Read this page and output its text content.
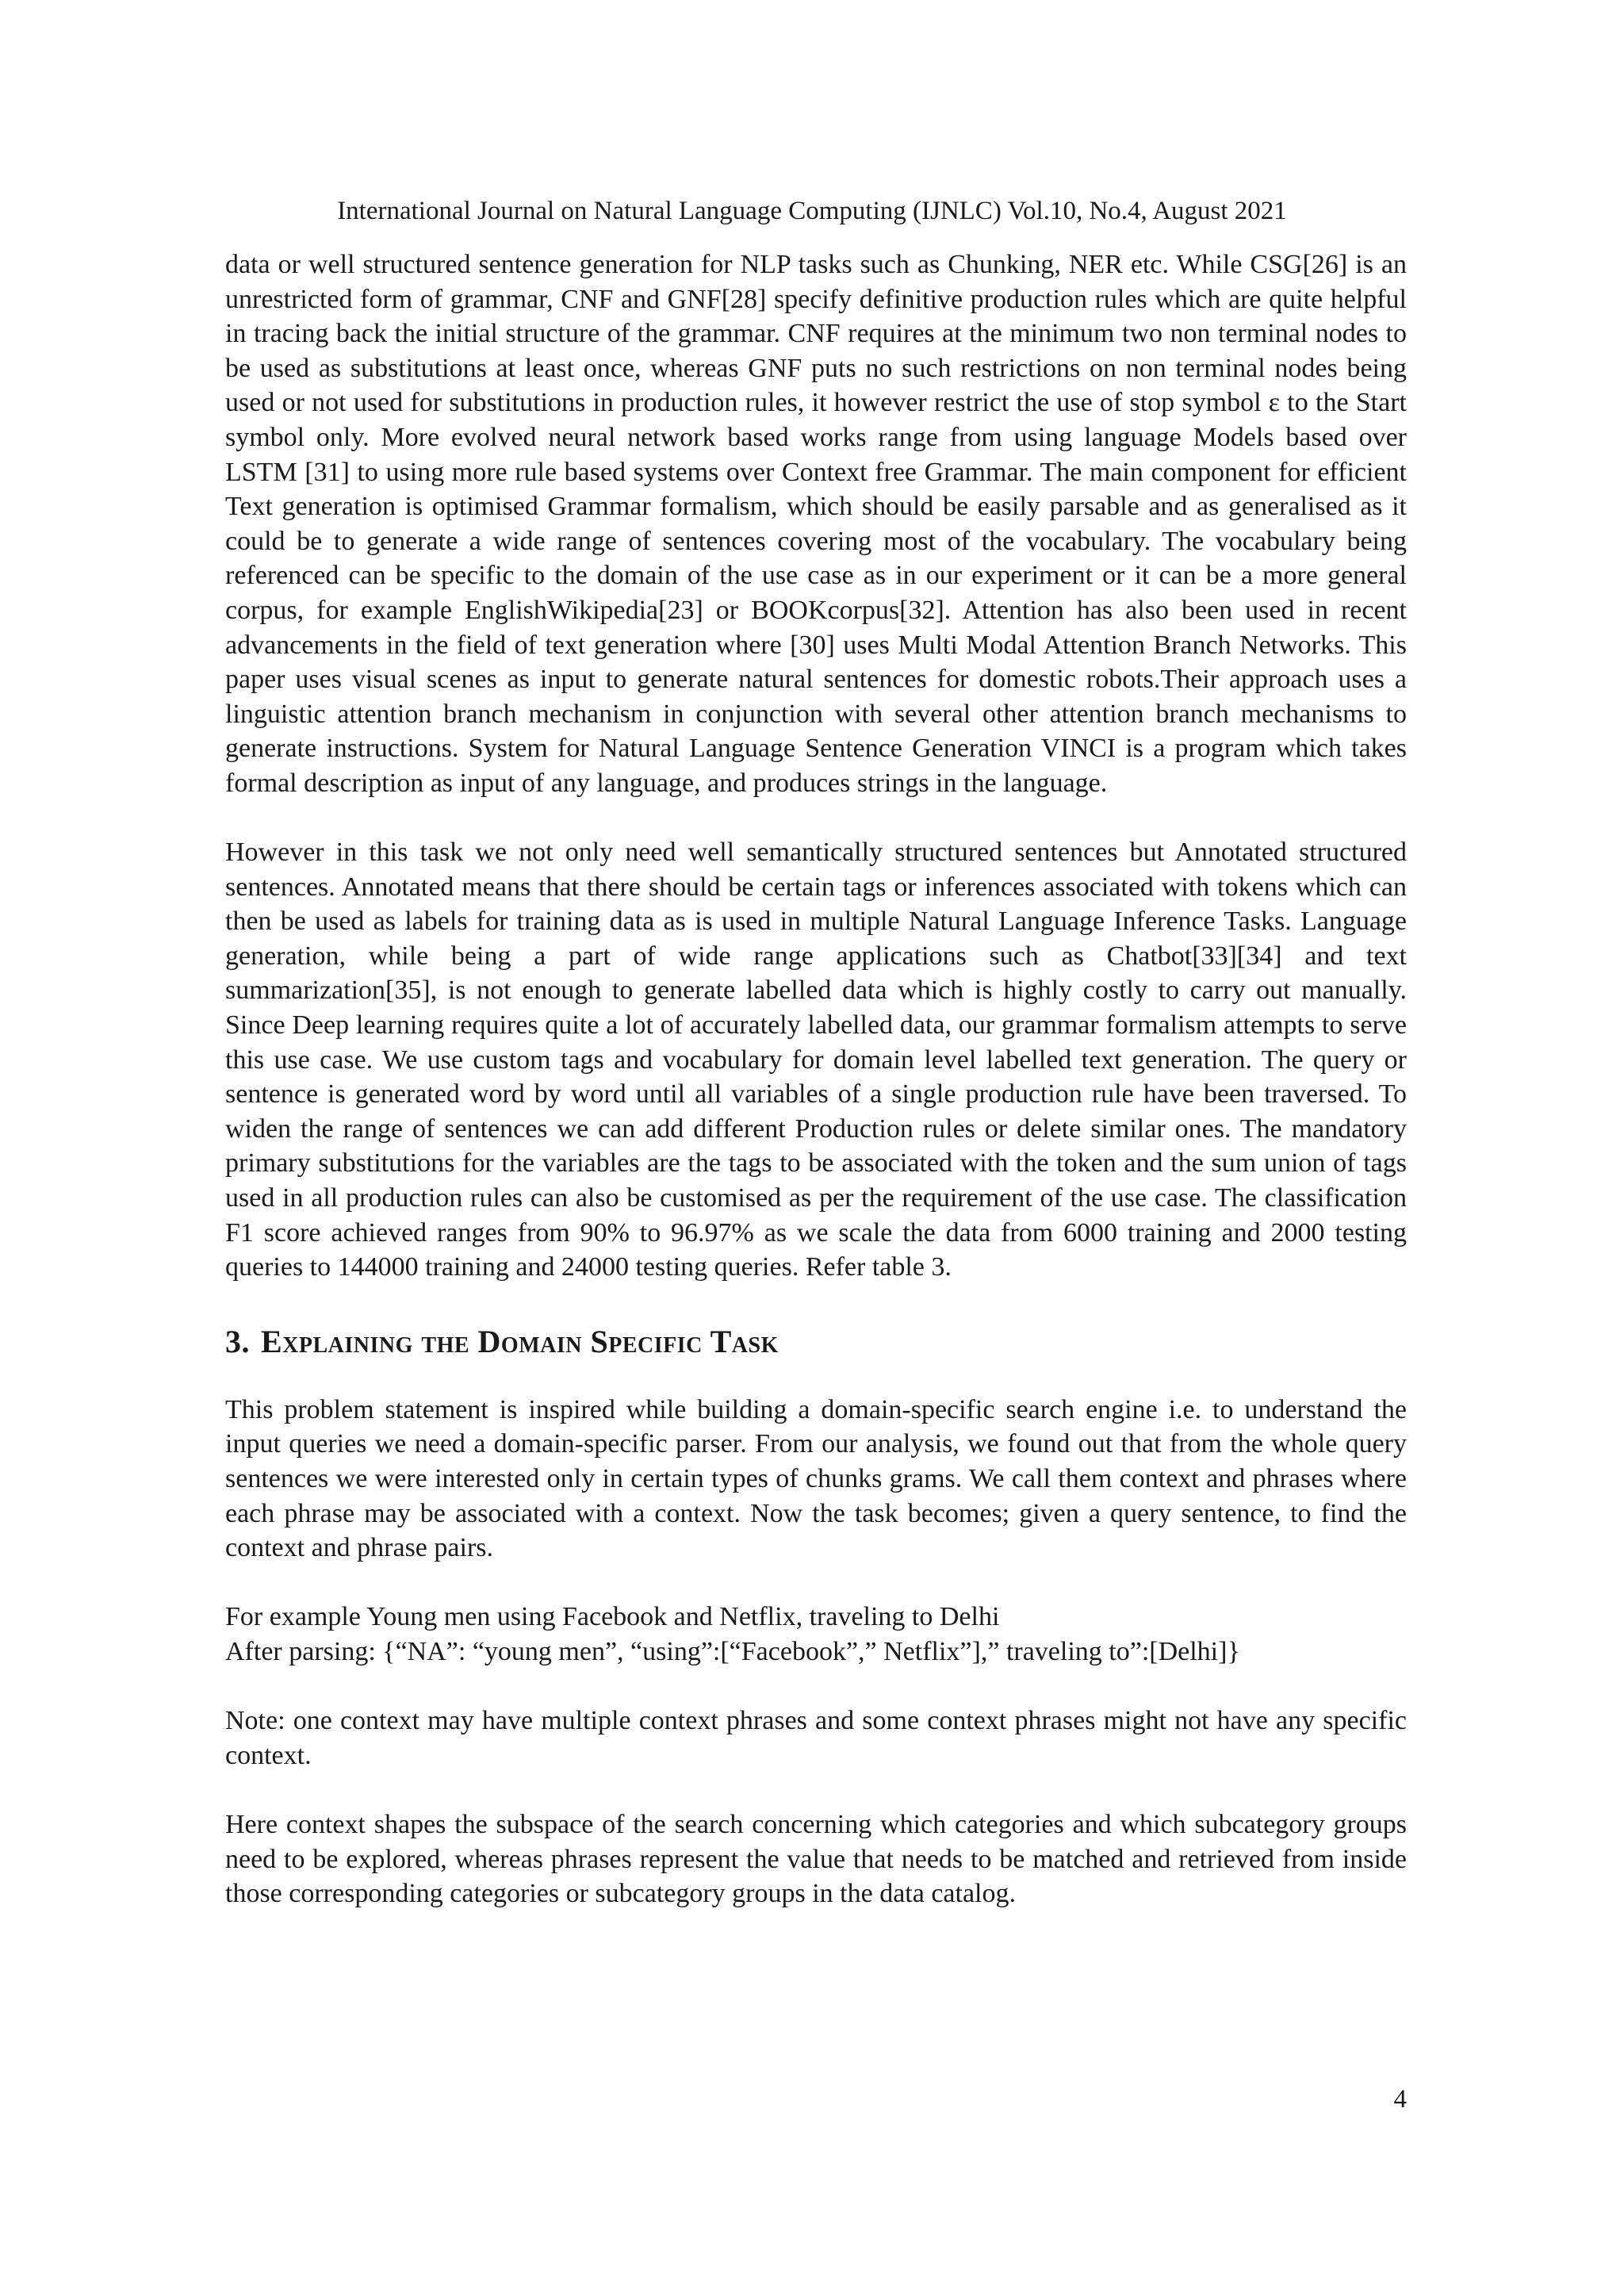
International Journal on Natural Language Computing (IJNLC) Vol.10, No.4, August 2021

data or well structured sentence generation for NLP tasks such as Chunking, NER etc. While CSG[26] is an unrestricted form of grammar, CNF and GNF[28] specify definitive production rules which are quite helpful in tracing back the initial structure of the grammar. CNF requires at the minimum two non terminal nodes to be used as substitutions at least once, whereas GNF puts no such restrictions on non terminal nodes being used or not used for substitutions in production rules, it however restrict the use of stop symbol ε to the Start symbol only. More evolved neural network based works range from using language Models based over LSTM [31] to using more rule based systems over Context free Grammar. The main component for efficient Text generation is optimised Grammar formalism, which should be easily parsable and as generalised as it could be to generate a wide range of sentences covering most of the vocabulary. The vocabulary being referenced can be specific to the domain of the use case as in our experiment or it can be a more general corpus, for example EnglishWikipedia[23] or BOOKcorpus[32]. Attention has also been used in recent advancements in the field of text generation where [30] uses Multi Modal Attention Branch Networks. This paper uses visual scenes as input to generate natural sentences for domestic robots.Their approach uses a linguistic attention branch mechanism in conjunction with several other attention branch mechanisms to generate instructions. System for Natural Language Sentence Generation VINCI is a program which takes formal description as input of any language, and produces strings in the language.

However in this task we not only need well semantically structured sentences but Annotated structured sentences. Annotated means that there should be certain tags or inferences associated with tokens which can then be used as labels for training data as is used in multiple Natural Language Inference Tasks. Language generation, while being a part of wide range applications such as Chatbot[33][34] and text summarization[35], is not enough to generate labelled data which is highly costly to carry out manually. Since Deep learning requires quite a lot of accurately labelled data, our grammar formalism attempts to serve this use case. We use custom tags and vocabulary for domain level labelled text generation. The query or sentence is generated word by word until all variables of a single production rule have been traversed. To widen the range of sentences we can add different Production rules or delete similar ones. The mandatory primary substitutions for the variables are the tags to be associated with the token and the sum union of tags used in all production rules can also be customised as per the requirement of the use case. The classification F1 score achieved ranges from 90% to 96.97% as we scale the data from 6000 training and 2000 testing queries to 144000 training and 24000 testing queries. Refer table 3.

3. Explaining the Domain Specific Task

This problem statement is inspired while building a domain-specific search engine i.e. to understand the input queries we need a domain-specific parser. From our analysis, we found out that from the whole query sentences we were interested only in certain types of chunks grams. We call them context and phrases where each phrase may be associated with a context. Now the task becomes; given a query sentence, to find the context and phrase pairs.

For example Young men using Facebook and Netflix, traveling to Delhi

After parsing: {“NA”: “young men”, “using”:[“Facebook”,” Netflix”],” traveling to”:[Delhi]}

Note: one context may have multiple context phrases and some context phrases might not have any specific context.

Here context shapes the subspace of the search concerning which categories and which subcategory groups need to be explored, whereas phrases represent the value that needs to be matched and retrieved from inside those corresponding categories or subcategory groups in the data catalog.

4
